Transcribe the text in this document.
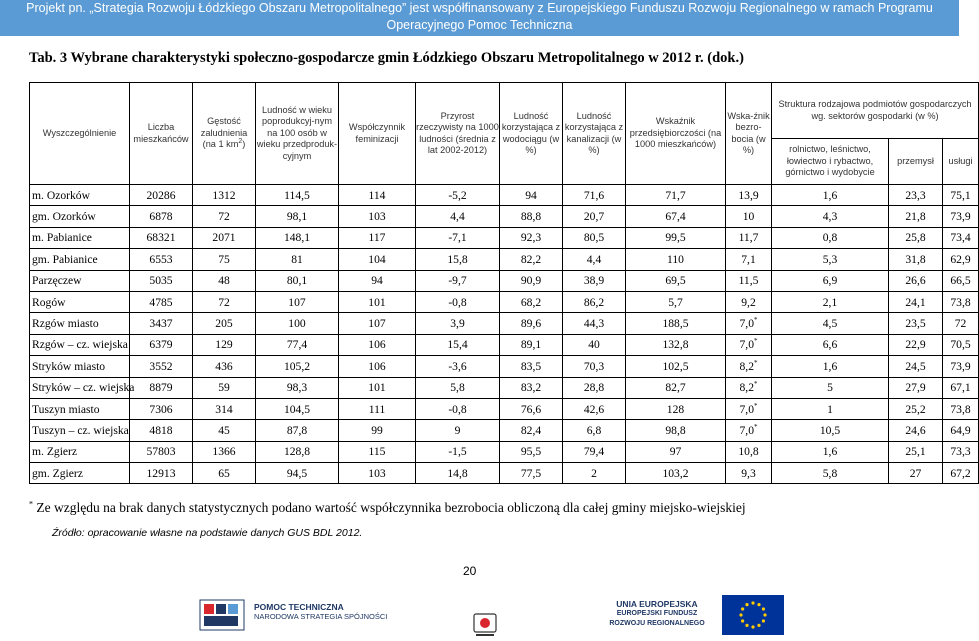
Projekt pn. „Strategia Rozwoju Łódzkiego Obszaru Metropolitalnego” jest współfinansowany z Europejskiego Funduszu Rozwoju Regionalnego w ramach Programu
Operacyjnego Pomoc Techniczna
Tab. 3 Wybrane charakterystyki społeczno-gospodarcze gmin Łódzkiego Obszaru Metropolitalnego w 2012 r. (dok.)
Wyszczególnienie	Liczba mieszkańców	Gęstość zaludnienia (na 1 $km^2$)	Ludność w wieku poprodukcyj-nym na 100 osób w wieku przedproduk-cyjnym	Współczynnik feminizacji	Przyrost rzeczywisty na 1000 ludności (średnia z lat 2002-2012)	Ludność korzystająca z wodociągu (w %)	Ludność korzystająca z kanalizacji (w %)	Wskaźnik przedsiębiorczości (na 1000 mieszkańców)	Wska-źnik bezro-bocia (w %)	Struktura rodzajowa podmiotów gospodarczych wg. sektorów gospodarki (w %)		
										rolnictwo, leśnictwo, łowiectwo i rybactwo, górnictwo i wydobycie	przemysł	usługi
m. Ozorków	20286	1312	114,5	114	-5,2	94	71,6	71,7	13,9	1,6	23,3	75,1
gm. Ozorków	6878	72	98,1	103	4,4	88,8	20,7	67,4	10	4,3	21,8	73,9
m. Pabianice	68321	2071	148,1	117	-7,1	92,3	80,5	99,5	11,7	0,8	25,8	73,4
gm. Pabianice	6553	75	81	104	15,8	82,2	4,4	110	7,1	5,3	31,8	62,9
Parzęczew	5035	48	80,1	94	-9,7	90,9	38,9	69,5	11,5	6,9	26,6	66,5
Rogów	4785	72	107	101	-0,8	68,2	86,2	5,7	9,2	2,1	24,1	73,8
Rzgów miasto	3437	205	100	107	3,9	89,6	44,3	188,5	7,0*	4,5	23,5	72
Rzgów – cz. wiejska	6379	129	77,4	106	15,4	89,1	40	132,8	7,0*	6,6	22,9	70,5
Stryków miasto	3552	436	105,2	106	-3,6	83,5	70,3	102,5	8,2*	1,6	24,5	73,9
Stryków – cz. wiejska	8879	59	98,3	101	5,8	83,2	28,8	82,7	8,2*	5	27,9	67,1
Tuszyn miasto	7306	314	104,5	111	-0,8	76,6	42,6	128	7,0*	1	25,2	73,8
Tuszyn – cz. wiejska	4818	45	87,8	99	9	82,4	6,8	98,8	7,0*	10,5	24,6	64,9
m. Zgierz	57803	1366	128,8	115	-1,5	95,5	79,4	97	10,8	1,6	25,1	73,3
gm. Zgierz	12913	65	94,5	103	14,8	77,5	2	103,2	9,3	5,8	27	67,2
* Ze względu na brak danych statystycznych podano wartość współczynnika bezrobocia obliczoną dla całej gminy miejsko-wiejskiej
Źródło: opracowanie własne na podstawie danych GUS BDL 2012.
20
POMOC TECHNICZNA
NARODOWA STRATEGIA SPÓJNOŚCI
UNIA EUROPEJSKA
EUROPEJSKI FUNDUSZ
ROZWOJU REGIONALNEGO
